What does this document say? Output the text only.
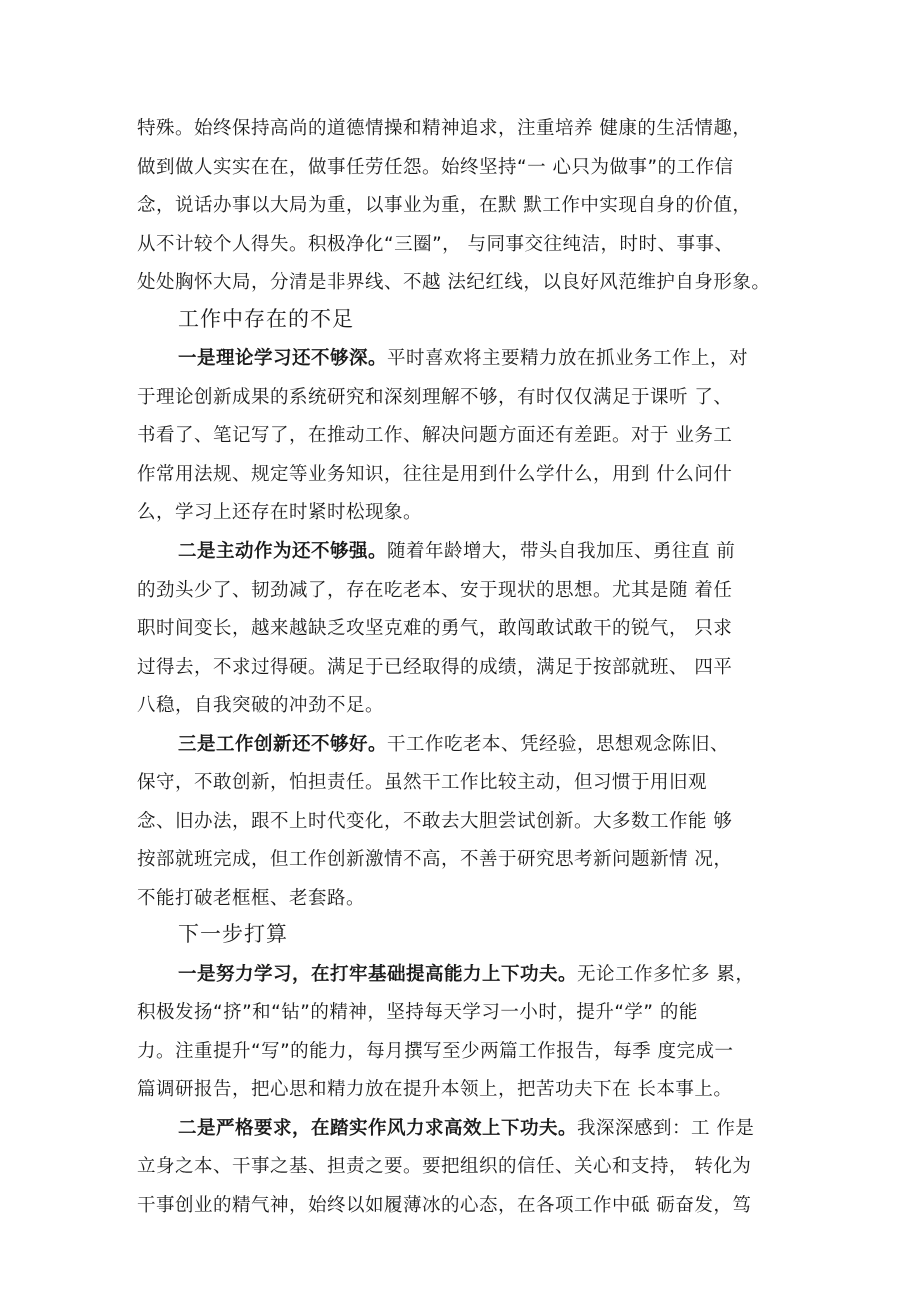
特殊。始终保持高尚的道德情操和精神追求，注重培养 健康的生活情趣，
做到做人实实在在，做事任劳任怨。始终坚持“一 心只为做事”的工作信
念，说话办事以大局为重，以事业为重，在默 默工作中实现自身的价值，
从不计较个人得失。积极净化“三圈”， 与同事交往纯洁，时时、事事、
处处胸怀大局，分清是非界线、不越 法纪红线，以良好风范维护自身形象。
工作中存在的不足
一是理论学习还不够深。平时喜欢将主要精力放在抓业务工作上，对
于理论创新成果的系统研究和深刻理解不够，有时仅仅满足于课听 了、
书看了、笔记写了，在推动工作、解决问题方面还有差距。对于 业务工
作常用法规、规定等业务知识，往往是用到什么学什么，用到 什么问什
么，学习上还存在时紧时松现象。
二是主动作为还不够强。随着年龄增大，带头自我加压、勇往直 前
的劲头少了、韧劲减了，存在吃老本、安于现状的思想。尤其是随 着任
职时间变长，越来越缺乏攻坚克难的勇气，敢闯敢试敢干的锐气， 只求
过得去，不求过得硬。满足于已经取得的成绩，满足于按部就班、 四平
八稳，自我突破的冲劲不足。
三是工作创新还不够好。干工作吃老本、凭经验，思想观念陈旧、
保守，不敢创新，怕担责任。虽然干工作比较主动，但习惯于用旧观
念、旧办法，跟不上时代变化，不敢去大胆尝试创新。大多数工作能 够
按部就班完成，但工作创新激情不高，不善于研究思考新问题新情 况，
不能打破老框框、老套路。
下一步打算
一是努力学习，在打牢基础提高能力上下功夫。无论工作多忙多 累，
积极发扬“挤”和“钻”的精神，坚持每天学习一小时，提升“学” 的能
力。注重提升“写”的能力，每月撰写至少两篇工作报告，每季 度完成一
篇调研报告，把心思和精力放在提升本领上，把苦功夫下在 长本事上。
二是严格要求，在踏实作风力求高效上下功夫。我深深感到：工 作是
立身之本、干事之基、担责之要。要把组织的信任、关心和支持， 转化为
干事创业的精气神，始终以如履薄冰的心态，在各项工作中砥 砺奋发，笃
